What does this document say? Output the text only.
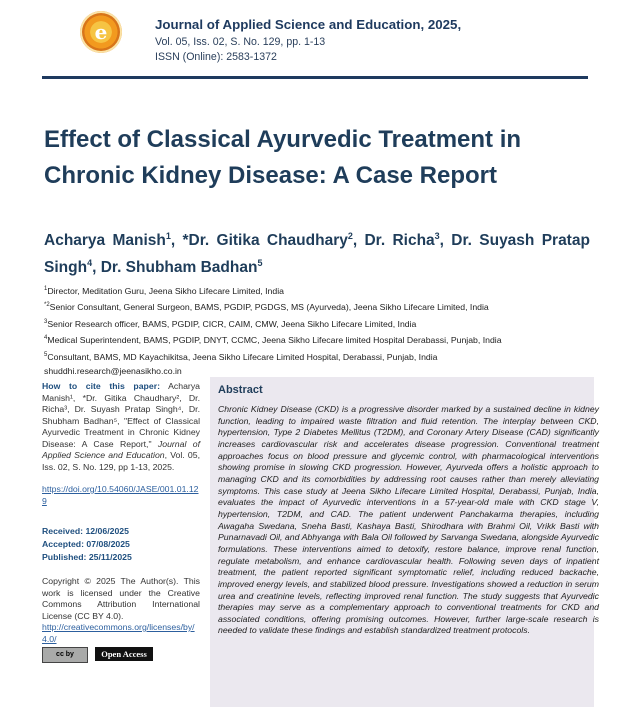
e	Journal of Applied Science and Education, 2025,
Vol. 05, Iss. 02, S. No. 129, pp. 1-13
ISSN (Online): 2583-1372
Effect of Classical Ayurvedic Treatment in Chronic Kidney Disease: A Case Report
Acharya Manish$^1$, *Dr. Gitika Chaudhary$^2$, Dr. Richa$^3$, Dr. Suyash Pratap Singh$^4$, Dr. Shubham Badhan$^5$
$^1$Director, Meditation Guru, Jeena Sikho Lifecare Limited, India
$^{*2}$Senior Consultant, General Surgeon, BAMS, PGDIP, PGDGS, MS (Ayurveda), Jeena Sikho Lifecare Limited, India
$^3$Senior Research officer, BAMS, PGDIP, CICR, CAIM, CMW, Jeena Sikho Lifecare Limited, India
$^4$Medical Superintendent, BAMS, PGDIP, DNYT, CCMC, Jeena Sikho Lifecare limited Hospital Derabassi, Punjab, India
$^5$Consultant, BAMS, MD Kayachikitsa, Jeena Sikho Lifecare Limited Hospital, Derabassi, Punjab, India
shuddhi.research@jeenasikho.co.in
How to cite this paper: Acharya Manish¹, *Dr. Gitika Chaudhary², Dr. Richa³, Dr. Suyash Pratap Singh⁴, Dr. Shubham Badhan⁵, "Effect of Classical Ayurvedic Treatment in Chronic Kidney Disease: A Case Report," Journal of Applied Science and Education, Vol. 05, Iss. 02, S. No. 129, pp 1-13, 2025.
https://doi.org/10.54060/JASE/001.01.129
Received: 12/06/2025
Accepted: 07/08/2025
Published: 25/11/2025
Copyright © 2025 The Author(s). This work is licensed under the Creative Commons Attribution International License (CC BY 4.0).
http://creativecommons.org/licenses/by/4.0/
cc by	Open Access
Abstract
Chronic Kidney Disease (CKD) is a progressive disorder marked by a sustained decline in kidney function, leading to impaired waste filtration and fluid retention. The interplay between CKD, hypertension, Type 2 Diabetes Mellitus (T2DM), and Coronary Artery Disease (CAD) significantly increases cardiovascular risk and accelerates disease progression. Conventional treatment approaches focus on blood pressure and glycemic control, with pharmacological interventions showing promise in slowing CKD progression. However, Ayurveda offers a holistic approach to managing CKD and its comorbidities by addressing root causes rather than merely alleviating symptoms. This case study at Jeena Sikho Lifecare Limited Hospital, Derabassi, Punjab, India, evaluates the impact of Ayurvedic interventions in a 57-year-old male with CKD stage V, hypertension, T2DM, and CAD. The patient underwent Panchakarma therapies, including Awagaha Swedana, Sneha Basti, Kashaya Basti, Shirodhara with Brahmi Oil, Vrikk Basti with Punarnavadi Oil, and Abhyanga with Bala Oil followed by Sarvanga Swedana, alongside Ayurvedic formulations. These interventions aimed to detoxify, restore balance, improve renal function, regulate metabolism, and enhance cardiovascular health. Following seven days of inpatient treatment, the patient reported significant symptomatic relief, including reduced backache, improved energy levels, and stabilized blood pressure. Investigations showed a reduction in serum urea and creatinine levels, reflecting improved renal function. The study suggests that Ayurvedic therapies may serve as a complementary approach to conventional treatments for CKD and associated conditions, offering promising outcomes. However, further large-scale research is needed to validate these findings and establish standardized treatment protocols.
